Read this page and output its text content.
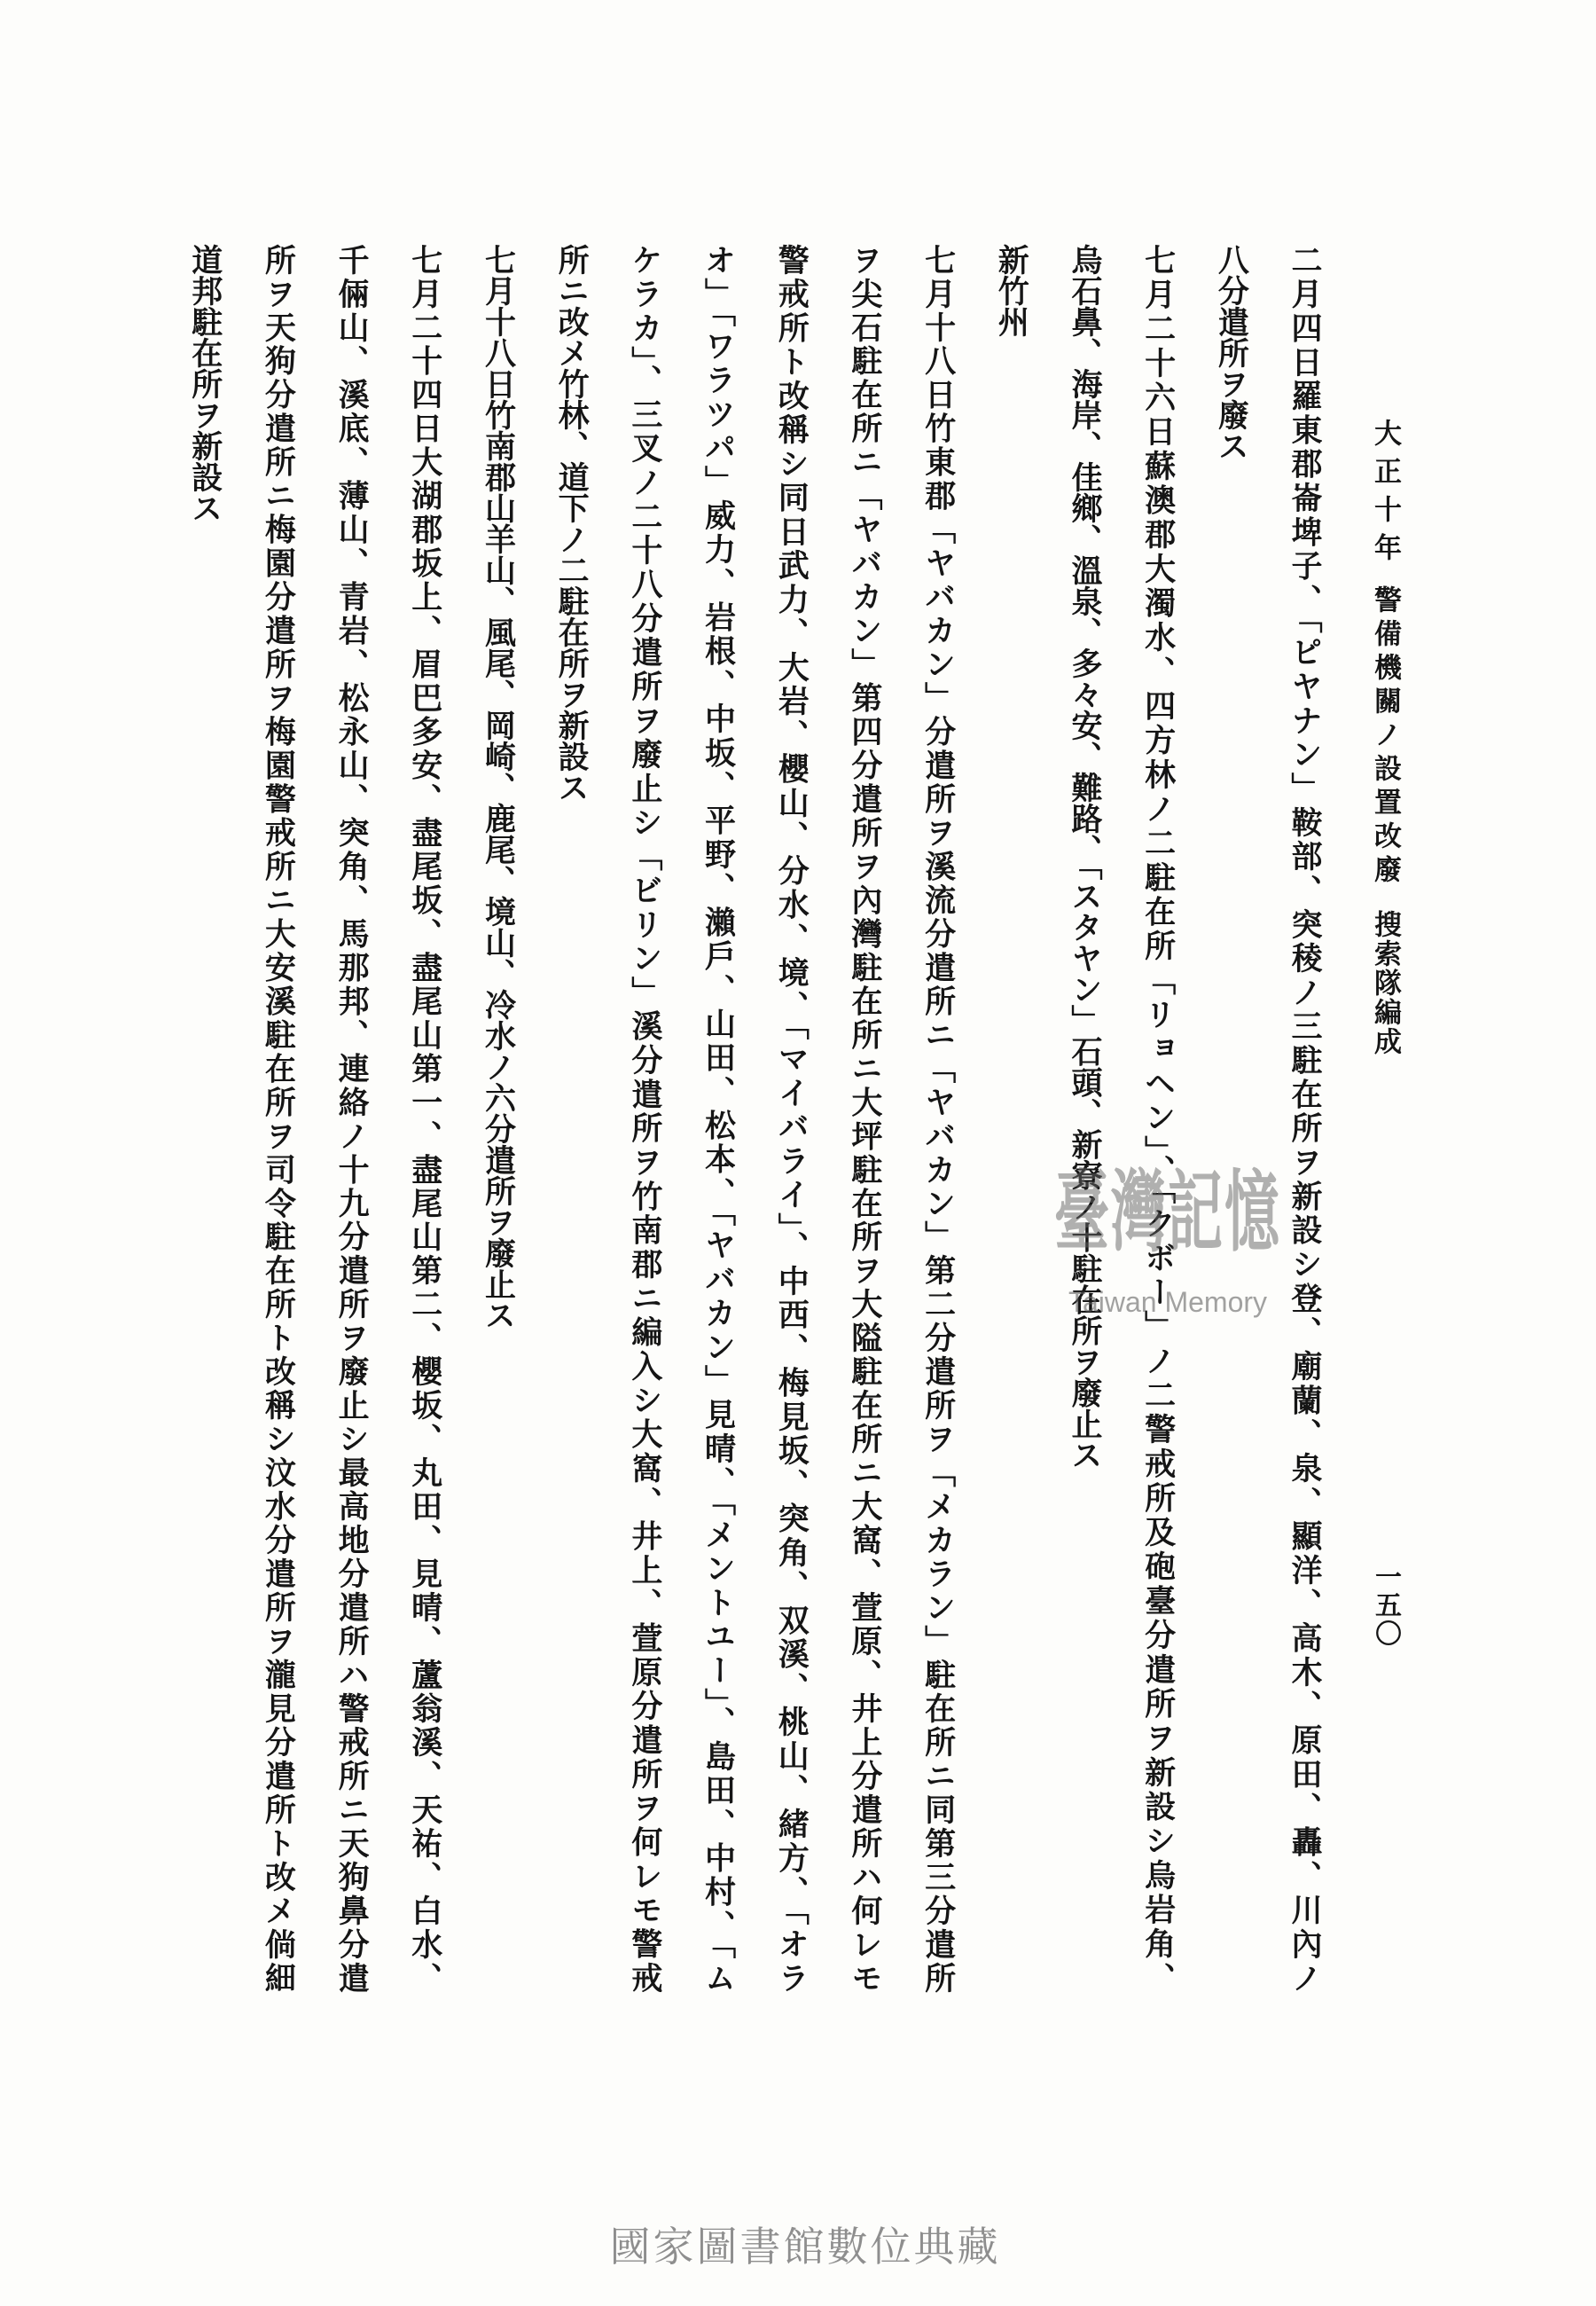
大正十年
警備機關ノ設置改廢
搜索隊編成
一五〇
二月四日羅東郡崙埤子、「ピヤナン」鞍部、突稜ノ三駐在所ヲ新設シ登、廟蘭、泉、顯洋、高木、原田、轟、川內ノ
八分遣所ヲ廢ス
七月二十六日蘇澳郡大濁水、四方林ノ二駐在所「リョヘン」、「クボー」ノ二警戒所及砲臺分遣所ヲ新設シ烏岩角、
烏石鼻、海岸、佳鄉、溫泉、多々安、難路、「スタヤン」石頭、新寮ノ十駐在所ヲ廢止ス
新竹州
七月十八日竹東郡「ヤバカン」分遣所ヲ溪流分遣所ニ「ヤバカン」第二分遣所ヲ「メカラン」駐在所ニ同第三分遣所
ヲ尖石駐在所ニ「ヤバカン」第四分遣所ヲ內灣駐在所ニ大坪駐在所ヲ大隘駐在所ニ大窩、萱原、井上分遣所ハ何レモ
警戒所ト改稱シ同日武力、大岩、櫻山、分水、境、「マイバライ」、中西、梅見坂、突角、双溪、桃山、緒方、「オラ
オ」「ワラツパ」威力、岩根、中坂、平野、瀨戶、山田、松本、「ヤバカン」見晴、「メントユー」、島田、中村、「ム
ケラカ」、三叉ノ二十八分遣所ヲ廢止シ「ビリン」溪分遣所ヲ竹南郡ニ編入シ大窩、井上、萱原分遣所ヲ何レモ警戒
所ニ改メ竹林、道下ノ二駐在所ヲ新設ス
七月十八日竹南郡山羊山、風尾、岡崎、鹿尾、境山、冷水ノ六分遣所ヲ廢止ス
七月二十四日大湖郡坂上、眉巴多安、盡尾坂、盡尾山第一、盡尾山第二、櫻坂、丸田、見晴、蘆翁溪、天祐、白水、
千倆山、溪底、薄山、青岩、松永山、突角、馬那邦、連絡ノ十九分遣所ヲ廢止シ最高地分遣所ハ警戒所ニ天狗鼻分遣
所ヲ天狗分遣所ニ梅園分遣所ヲ梅園警戒所ニ大安溪駐在所ヲ司令駐在所ト改稱シ汶水分遣所ヲ瀧見分遣所ト改メ倘細
道邦駐在所ヲ新設ス
臺灣記憶
Taiwan Memory
國家圖書館數位典藏
